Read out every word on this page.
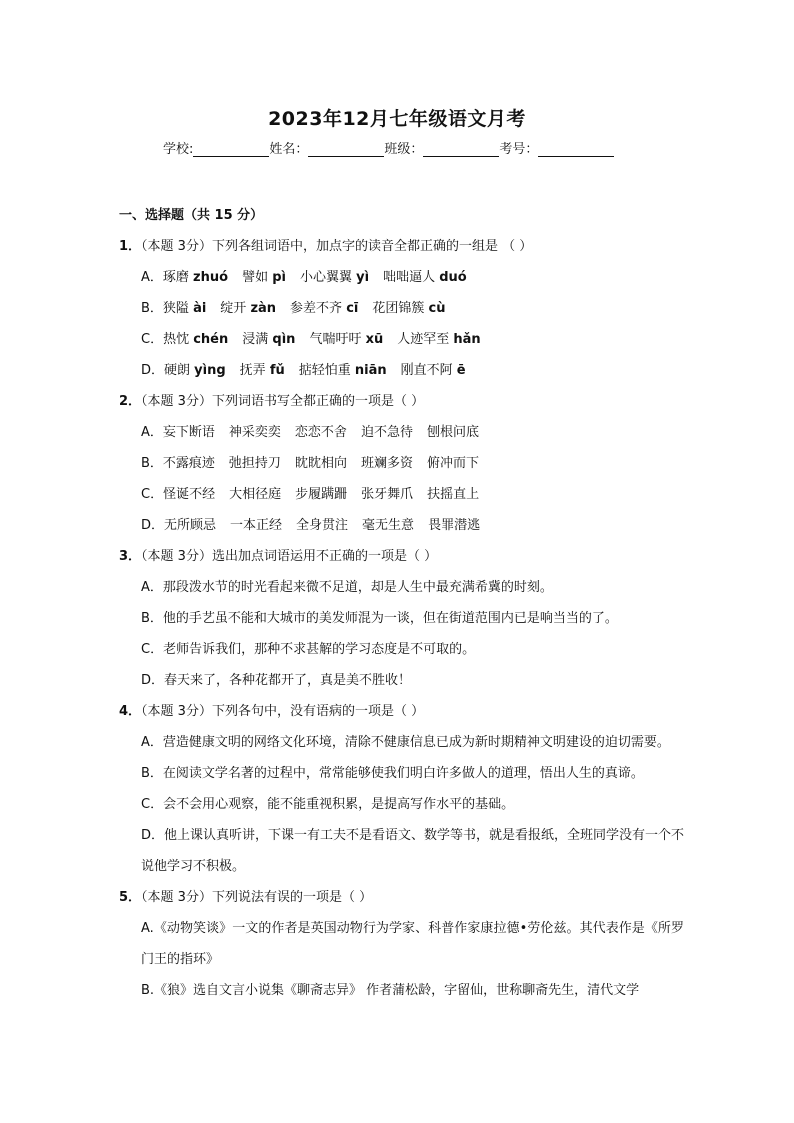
2023年12月七年级语文月考
学校:	姓名：	班级：	考号：
一、选择题（共 15 分）
1．（本题 3分）下列各组词语中，加点字的读音全都正确的一组是 （ ）
A．琢磨 zhuó 譬如 pì 小心翼翼 yì 咄咄逼人 duó
B．狭隘 ài 绽开 zàn 参差不齐 cī 花团锦簇 cù
C．热忱 chén 浸满 qìn 气喘吁吁 xū 人迹罕至 hǎn
D．硬朗 yìng 抚弄 fǔ 掂轻怕重 niān 刚直不阿 ē
2．（本题 3分）下列词语书写全都正确的一项是（ ）
A．妄下断语 神采奕奕 恋恋不舍 迫不急待 刨根问底
B．不露痕迹 弛担持刀 眈眈相向 班斓多资 俯冲而下
C．怪诞不经 大相径庭 步履蹒跚 张牙舞爪 扶摇直上
D．无所顾忌 一本正经 全身贯注 毫无生意 畏罪潜逃
3．（本题 3分）选出加点词语运用不正确的一项是（ ）
A．那段泼水节的时光看起来微不足道，却是人生中最充满希冀的时刻。
B．他的手艺虽不能和大城市的美发师混为一谈，但在街道范围内已是响当当的了。
C．老师告诉我们，那种不求甚解的学习态度是不可取的。
D．春天来了，各种花都开了，真是美不胜收！
4．（本题 3分）下列各句中，没有语病的一项是（ ）
A．营造健康文明的网络文化环境，清除不健康信息已成为新时期精神文明建设的迫切需要。
B．在阅读文学名著的过程中，常常能够使我们明白许多做人的道理，悟出人生的真谛。
C．会不会用心观察，能不能重视积累，是提高写作水平的基础。
D．他上课认真听讲，下课一有工夫不是看语文、数学等书，就是看报纸，全班同学没有一个不说他学习不积极。
5．（本题 3分）下列说法有误的一项是（ ）
A.《动物笑谈》一文的作者是英国动物行为学家、科普作家康拉德•劳伦兹。其代表作是《所罗门王的指环》
B.《狼》选自文言小说集《聊斋志异》 作者蒲松龄，字留仙，世称聊斋先生，清代文学
